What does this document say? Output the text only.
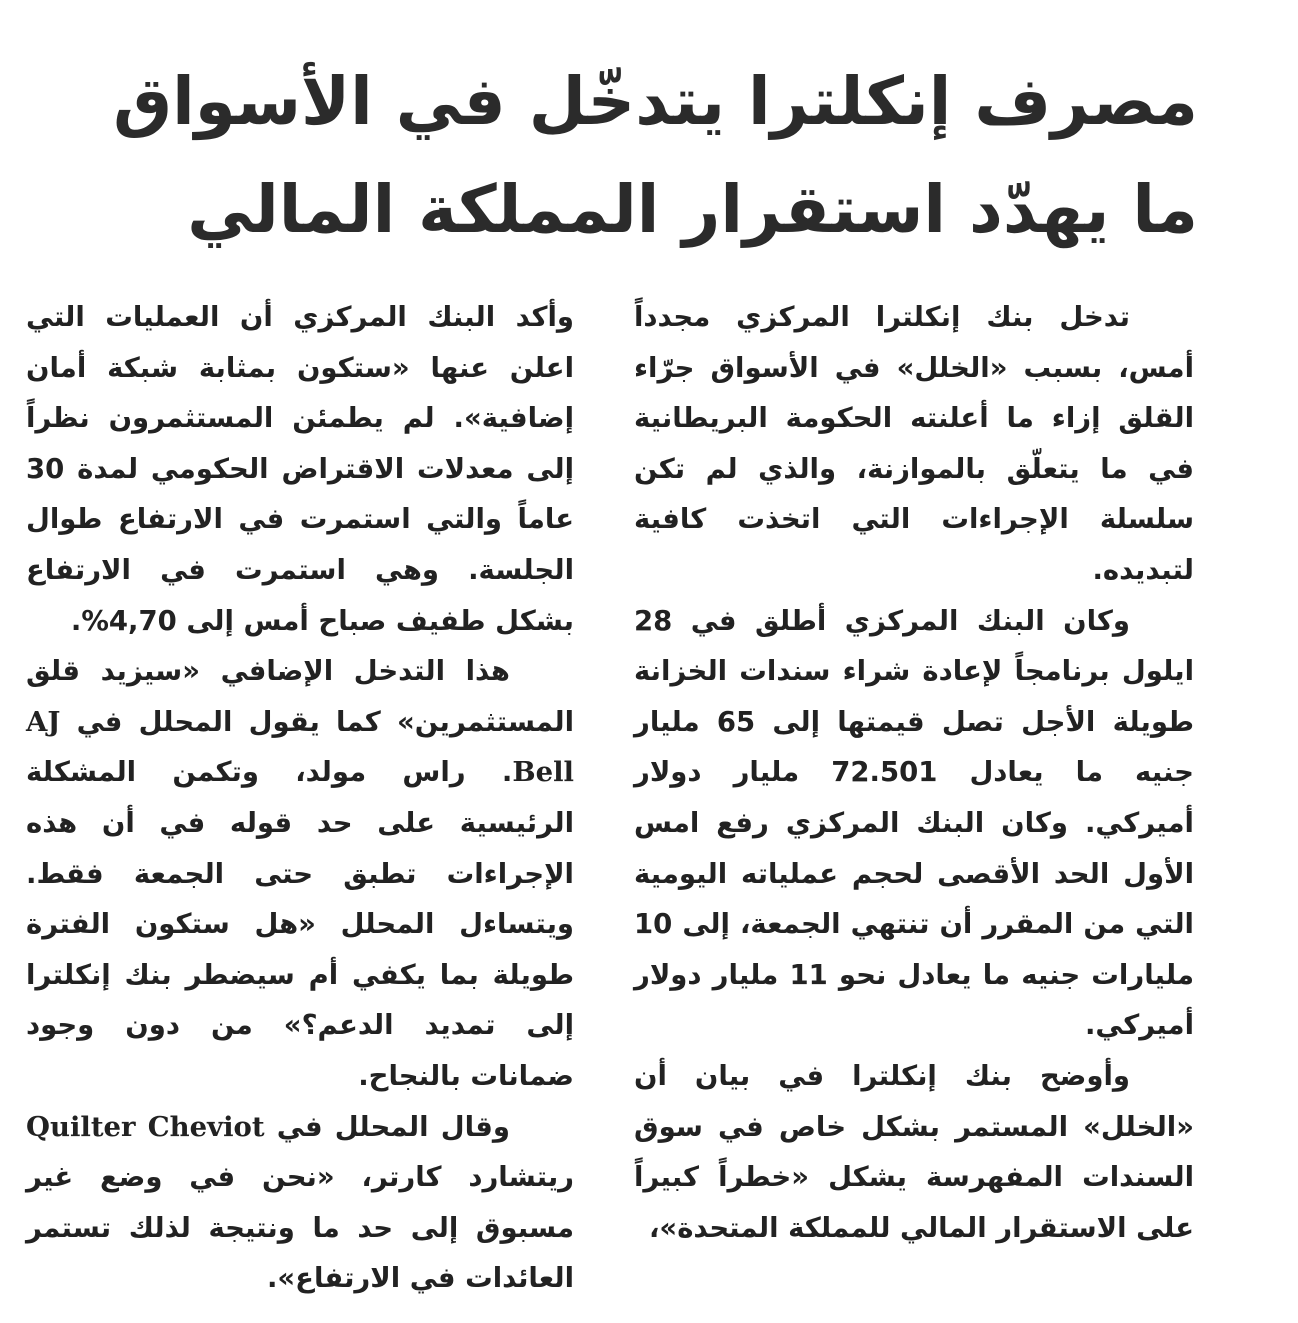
مصرف إنكلترا يتدخّل في الأسواق
ما يهدّد استقرار المملكة المالي

تدخل بنك إنكلترا المركزي مجدداً أمس، بسبب «الخلل» في الأسواق جرّاء القلق إزاء ما أعلنته الحكومة البريطانية في ما يتعلّق بالموازنة، والذي لم تكن سلسلة الإجراءات التي اتخذت كافية لتبديده.

وكان البنك المركزي أطلق في 28 ايلول برنامجاً لإعادة شراء سندات الخزانة طويلة الأجل تصل قيمتها إلى 65 مليار جنيه ما يعادل 72.501 مليار دولار أميركي. وكان البنك المركزي رفع امس الأول الحد الأقصى لحجم عملياته اليومية التي من المقرر أن تنتهي الجمعة، إلى 10 مليارات جنيه ما يعادل نحو 11 مليار دولار أميركي.

وأوضح بنك إنكلترا في بيان أن «الخلل» المستمر بشكل خاص في سوق السندات المفهرسة يشكل «خطراً كبيراً على الاستقرار المالي للمملكة المتحدة»،

وأكد البنك المركزي أن العمليات التي اعلن عنها «ستكون بمثابة شبكة أمان إضافية». لم يطمئن المستثمرون نظراً إلى معدلات الاقتراض الحكومي لمدة 30 عاماً والتي استمرت في الارتفاع طوال الجلسة. وهي استمرت في الارتفاع بشكل طفيف صباح أمس إلى 4,70%.

هذا التدخل الإضافي «سيزيد قلق المستثمرين» كما يقول المحلل في AJ Bell. راس مولد، وتكمن المشكلة الرئيسية على حد قوله في أن هذه الإجراءات تطبق حتى الجمعة فقط. ويتساءل المحلل «هل ستكون الفترة طويلة بما يكفي أم سيضطر بنك إنكلترا إلى تمديد الدعم؟» من دون وجود ضمانات بالنجاح.

وقال المحلل في Quilter Cheviot ريتشارد كارتر، «نحن في وضع غير مسبوق إلى حد ما ونتيجة لذلك تستمر العائدات في الارتفاع».
